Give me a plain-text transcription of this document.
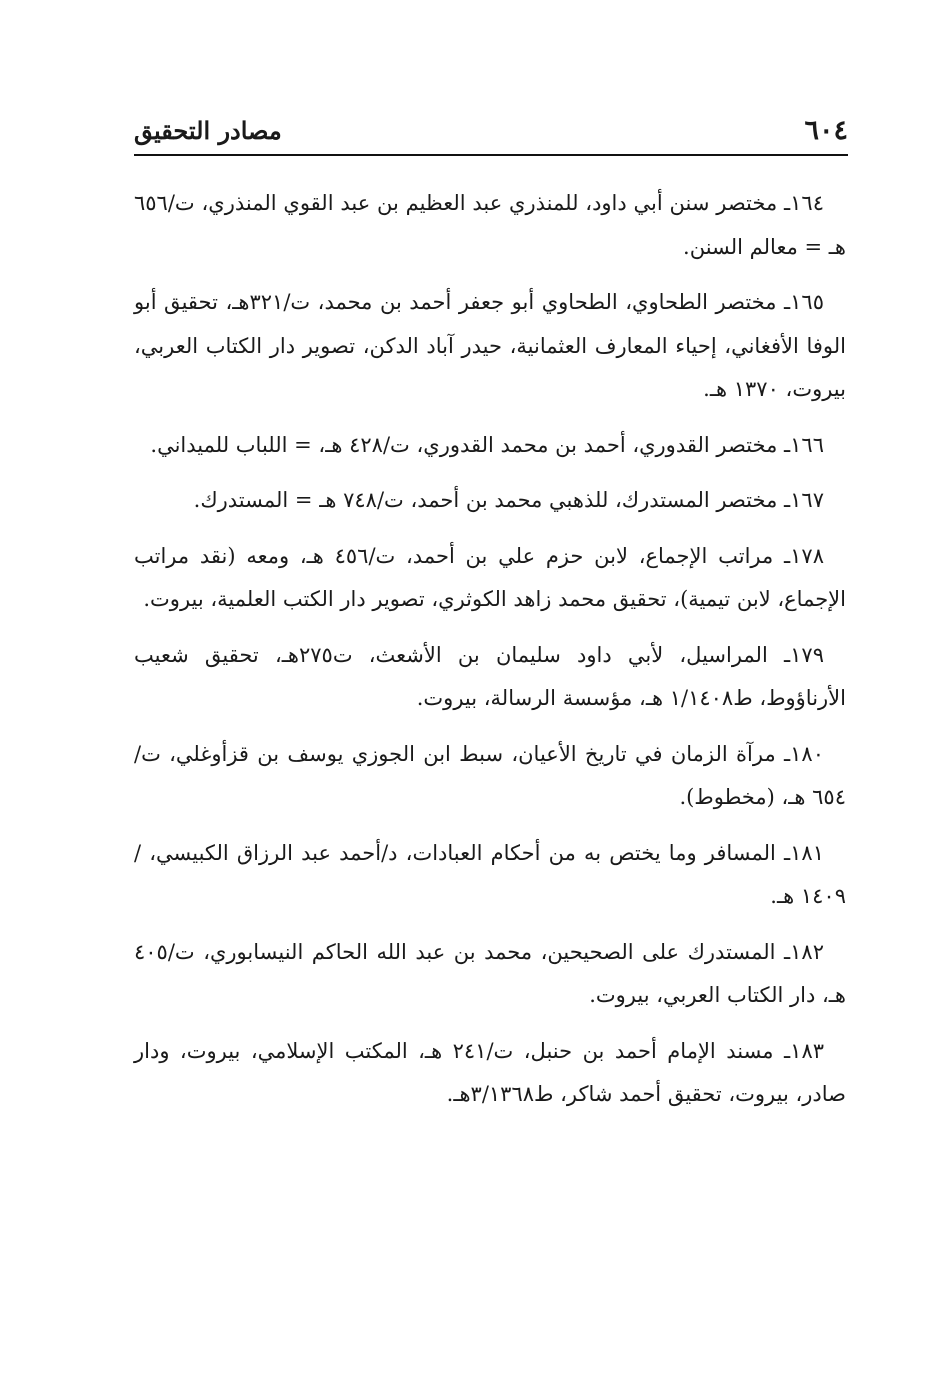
٦٠٤
مصادر التحقيق

١٦٤ـ مختصر سنن أبي داود، للمنذري عبد العظيم بن عبد القوي المنذري، ت/٦٥٦ هـ = معالم السنن.

١٦٥ـ مختصر الطحاوي، الطحاوي أبو جعفر أحمد بن محمد، ت/٣٢١هـ، تحقيق أبو الوفا الأفغاني، إحياء المعارف العثمانية، حيدر آباد الدكن، تصوير دار الكتاب العربي، بيروت، ١٣٧٠ هـ.

١٦٦ـ مختصر القدوري، أحمد بن محمد القدوري، ت/٤٢٨ هـ، = اللباب للميداني.

١٦٧ـ مختصر المستدرك، للذهبي محمد بن أحمد، ت/٧٤٨ هـ = المستدرك.

١٧٨ـ مراتب الإجماع، لابن حزم علي بن أحمد، ت/٤٥٦ هـ، ومعه (نقد مراتب الإجماع، لابن تيمية)، تحقيق محمد زاهد الكوثري، تصوير دار الكتب العلمية، بيروت.

١٧٩ـ المراسيل، لأبي داود سليمان بن الأشعث، ت٢٧٥هـ، تحقيق شعيب الأرناؤوط، ط١/١٤٠٨ هـ، مؤسسة الرسالة، بيروت.

١٨٠ـ مرآة الزمان في تاريخ الأعيان، سبط ابن الجوزي يوسف بن قزأوغلي، ت/٦٥٤ هـ، (مخطوط).

١٨١ـ المسافر وما يختص به من أحكام العبادات، د/أحمد عبد الرزاق الكبيسي، /١٤٠٩ هـ.

١٨٢ـ المستدرك على الصحيحين، محمد بن عبد الله الحاكم النيسابوري، ت/٤٠٥ هـ، دار الكتاب العربي، بيروت.

١٨٣ـ مسند الإمام أحمد بن حنبل، ت/٢٤١ هـ، المكتب الإسلامي، بيروت، ودار صادر، بيروت، تحقيق أحمد شاكر، ط٣/١٣٦٨هـ.
